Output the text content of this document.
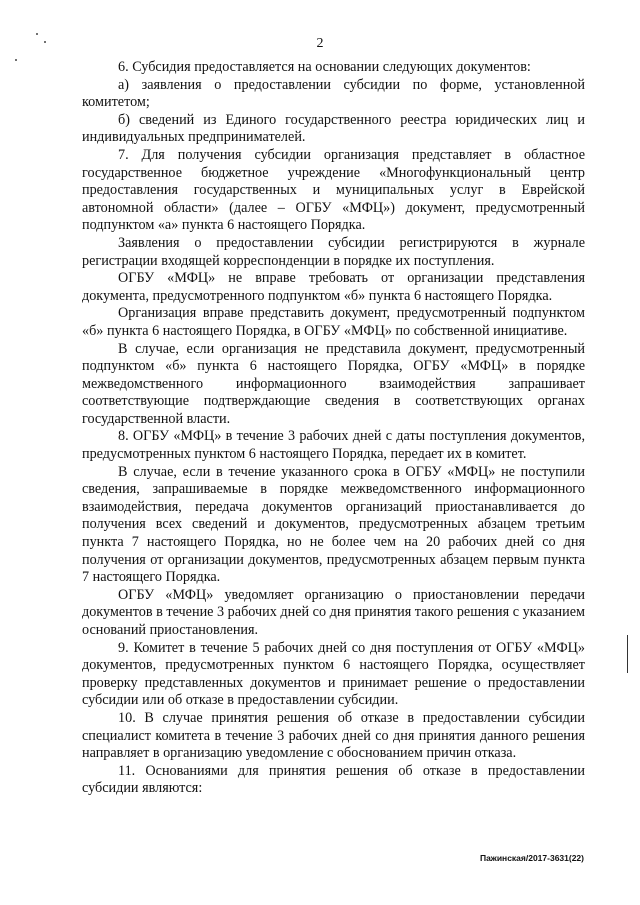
2

6. Субсидия предоставляется на основании следующих документов:

а) заявления о предоставлении субсидии по форме, установленной комитетом;

б) сведений из Единого государственного реестра юридических лиц и индивидуальных предпринимателей.

7. Для получения субсидии организация представляет в областное государственное бюджетное учреждение «Многофункциональный центр предоставления государственных и муниципальных услуг в Еврейской автономной области» (далее – ОГБУ «МФЦ») документ, предусмотренный подпунктом «а» пункта 6 настоящего Порядка.

Заявления о предоставлении субсидии регистрируются в журнале регистрации входящей корреспонденции в порядке их поступления.

ОГБУ «МФЦ» не вправе требовать от организации представления документа, предусмотренного подпунктом «б» пункта 6 настоящего Порядка.

Организация вправе представить документ, предусмотренный подпунктом «б» пункта 6 настоящего Порядка, в ОГБУ «МФЦ» по собственной инициативе.

В случае, если организация не представила документ, предусмотренный подпунктом «б» пункта 6 настоящего Порядка, ОГБУ «МФЦ» в порядке межведомственного информационного взаимодействия запрашивает соответствующие подтверждающие сведения в соответствующих органах государственной власти.

8. ОГБУ «МФЦ» в течение 3 рабочих дней с даты поступления документов, предусмотренных пунктом 6 настоящего Порядка, передает их в комитет.

В случае, если в течение указанного срока в ОГБУ «МФЦ» не поступили сведения, запрашиваемые в порядке межведомственного информационного взаимодействия, передача документов организаций приостанавливается до получения всех сведений и документов, предусмотренных абзацем третьим пункта 7 настоящего Порядка, но не более чем на 20 рабочих дней со дня получения от организации документов, предусмотренных абзацем первым пункта 7 настоящего Порядка.

ОГБУ «МФЦ» уведомляет организацию о приостановлении передачи документов в течение 3 рабочих дней со дня принятия такого решения с указанием оснований приостановления.

9. Комитет в течение 5 рабочих дней со дня поступления от ОГБУ «МФЦ» документов, предусмотренных пунктом 6 настоящего Порядка, осуществляет проверку представленных документов и принимает решение о предоставлении субсидии или об отказе в предоставлении субсидии.

10. В случае принятия решения об отказе в предоставлении субсидии специалист комитета в течение 3 рабочих дней со дня принятия данного решения направляет в организацию уведомление с обоснованием причин отказа.

11. Основаниями для принятия решения об отказе в предоставлении субсидии являются:

Пажинская/2017-3631(22)
